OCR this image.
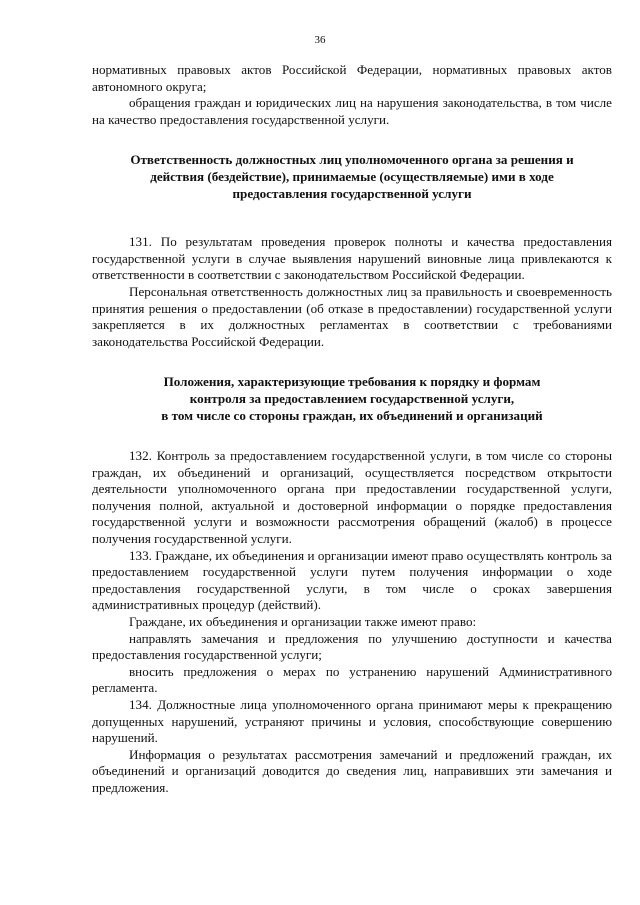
36

нормативных правовых актов Российской Федерации, нормативных правовых актов автономного округа;

обращения граждан и юридических лиц на нарушения законодательства, в том числе на качество предоставления государственной услуги.

Ответственность должностных лиц уполномоченного органа за решения и
действия (бездействие), принимаемые (осуществляемые) ими в ходе
предоставления государственной услуги

131. По результатам проведения проверок полноты и качества предоставления государственной услуги в случае выявления нарушений виновные лица привлекаются к ответственности в соответствии с законодательством Российской Федерации.

Персональная ответственность должностных лиц за правильность и своевременность принятия решения о предоставлении (об отказе в предоставлении) государственной услуги закрепляется в их должностных регламентах в соответствии с требованиями законодательства Российской Федерации.

Положения, характеризующие требования к порядку и формам
контроля за предоставлением государственной услуги,
в том числе со стороны граждан, их объединений и организаций

132. Контроль за предоставлением государственной услуги, в том числе со стороны граждан, их объединений и организаций, осуществляется посредством открытости деятельности уполномоченного органа при предоставлении государственной услуги, получения полной, актуальной и достоверной информации о порядке предоставления государственной услуги и возможности рассмотрения обращений (жалоб) в процессе получения государственной услуги.

133. Граждане, их объединения и организации имеют право осуществлять контроль за предоставлением государственной услуги путем получения информации о ходе предоставления государственной услуги, в том числе о сроках завершения административных процедур (действий).

Граждане, их объединения и организации также имеют право:

направлять замечания и предложения по улучшению доступности и качества предоставления государственной услуги;

вносить предложения о мерах по устранению нарушений Административного регламента.

134. Должностные лица уполномоченного органа принимают меры к прекращению допущенных нарушений, устраняют причины и условия, способствующие совершению нарушений.

Информация о результатах рассмотрения замечаний и предложений граждан, их объединений и организаций доводится до сведения лиц, направивших эти замечания и предложения.
